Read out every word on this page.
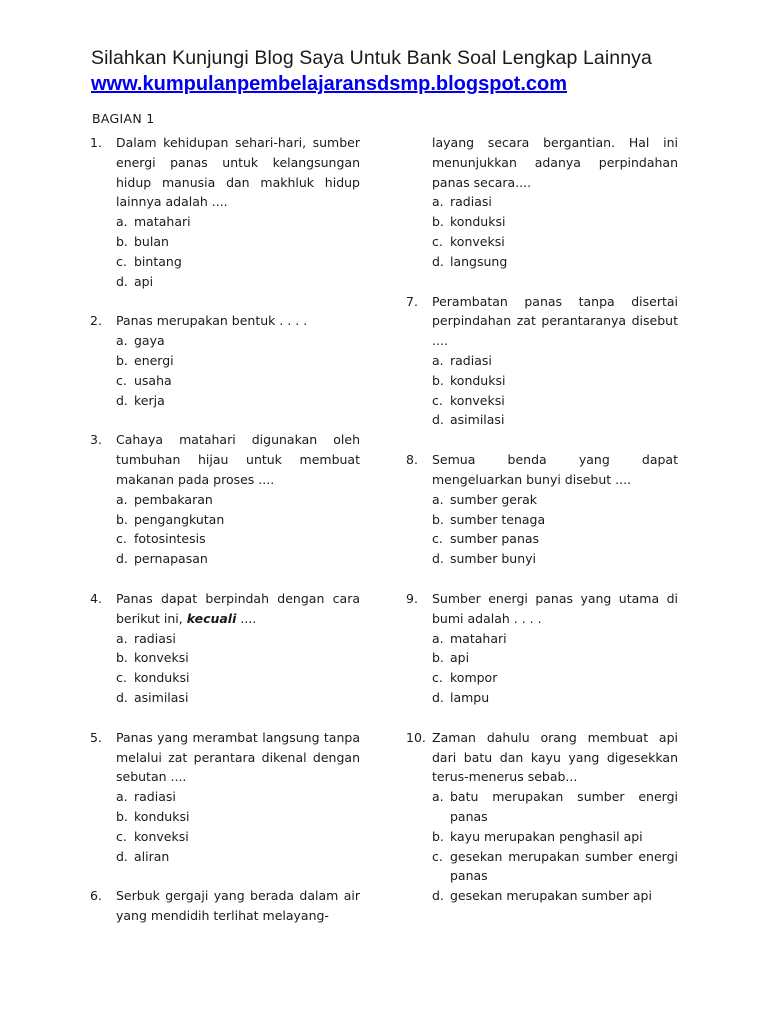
Silahkan Kunjungi Blog Saya Untuk Bank Soal Lengkap Lainnya
www.kumpulanpembelajaransdsmp.blogspot.com
BAGIAN 1
1.	Dalam kehidupan sehari-hari, sumber energi panas untuk kelangsungan hidup manusia dan makhluk hidup lainnya adalah ....
a. matahari
b. bulan
c. bintang
d. api
2.	Panas merupakan bentuk . . . .
a. gaya
b. energi
c. usaha
d. kerja
3.	Cahaya matahari digunakan oleh tumbuhan hijau untuk membuat makanan pada proses ....
a. pembakaran
b. pengangkutan
c. fotosintesis
d. pernapasan
4.	Panas dapat berpindah dengan cara berikut ini, kecuali ....
a. radiasi
b. konveksi
c. konduksi
d. asimilasi
5.	Panas yang merambat langsung tanpa melalui zat perantara dikenal dengan sebutan ....
a. radiasi
b. konduksi
c. konveksi
d. aliran
6.	Serbuk gergaji yang berada dalam air yang mendidih terlihat melayang-
layang secara bergantian. Hal ini menunjukkan adanya perpindahan panas secara....
a. radiasi
b. konduksi
c. konveksi
d. langsung
7.	Perambatan panas tanpa disertai perpindahan zat perantaranya disebut ....
a. radiasi
b. konduksi
c. konveksi
d. asimilasi
8.	Semua benda yang dapat mengeluarkan bunyi disebut ....
a. sumber gerak
b. sumber tenaga
c. sumber panas
d. sumber bunyi
9.	Sumber energi panas yang utama di bumi adalah . . . .
a. matahari
b. api
c. kompor
d. lampu
10. Zaman dahulu orang membuat api dari batu dan kayu yang digesekkan terus-menerus sebab...
a. batu merupakan sumber energi panas
b. kayu merupakan penghasil api
c. gesekan merupakan sumber energi panas
d. gesekan merupakan sumber api
